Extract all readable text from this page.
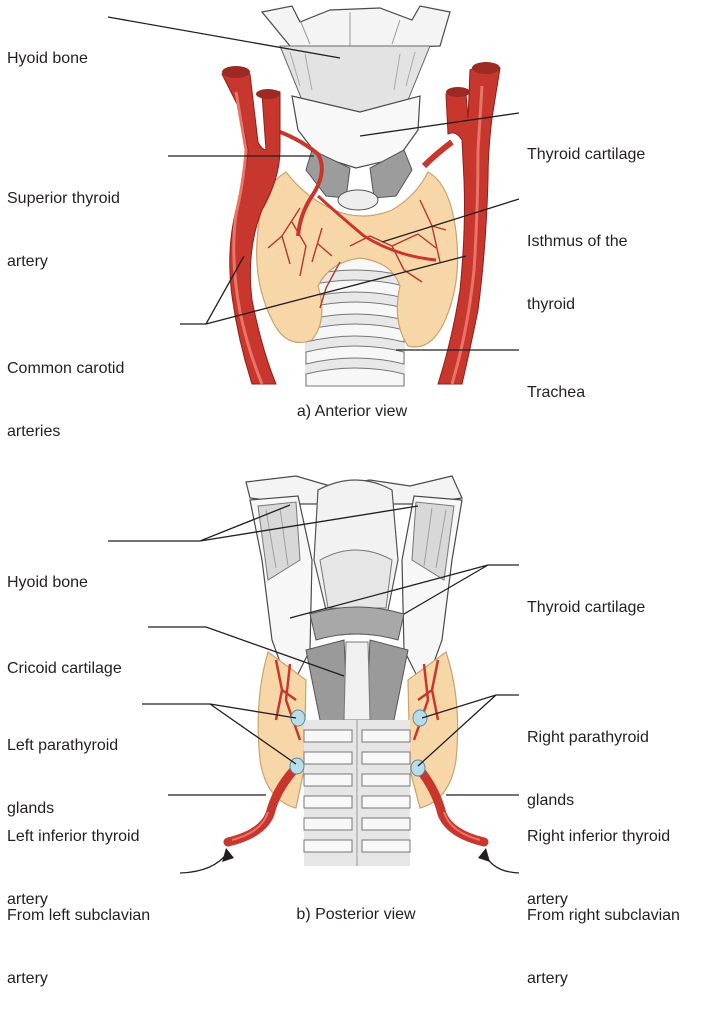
Hyoid bone

Thyroid cartilage

Superior thyroid

artery

Isthmus of the

thyroid

Common carotid

arteries

Trachea

a) Anterior view

Hyoid bone

Thyroid cartilage

Cricoid cartilage

Left parathyroid

glands

Right parathyroid

glands

Left inferior thyroid

artery

Right inferior thyroid

artery

From left subclavian

artery

From right subclavian

artery

b) Posterior view
